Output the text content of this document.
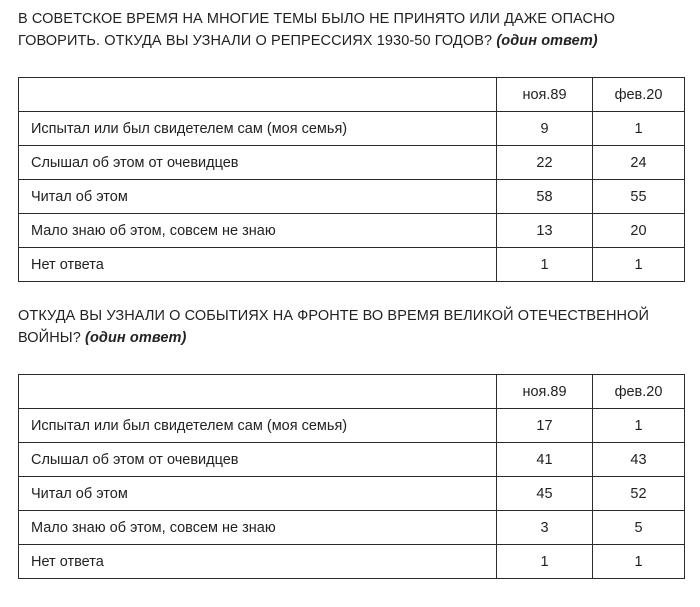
В СОВЕТСКОЕ ВРЕМЯ НА МНОГИЕ ТЕМЫ БЫЛО НЕ ПРИНЯТО ИЛИ ДАЖЕ ОПАСНО ГОВОРИТЬ. ОТКУДА ВЫ УЗНАЛИ О РЕПРЕССИЯХ 1930-50 ГОДОВ? (один ответ)

	ноя.89	фев.20
Испытал или был свидетелем сам (моя семья)	9	1
Слышал об этом от очевидцев	22	24
Читал об этом	58	55
Мало знаю об этом, совсем не знаю	13	20
Нет ответа	1	1

ОТКУДА ВЫ УЗНАЛИ О СОБЫТИЯХ НА ФРОНТЕ ВО ВРЕМЯ ВЕЛИКОЙ ОТЕЧЕСТВЕННОЙ ВОЙНЫ? (один ответ)

	ноя.89	фев.20
Испытал или был свидетелем сам (моя семья)	17	1
Слышал об этом от очевидцев	41	43
Читал об этом	45	52
Мало знаю об этом, совсем не знаю	3	5
Нет ответа	1	1
